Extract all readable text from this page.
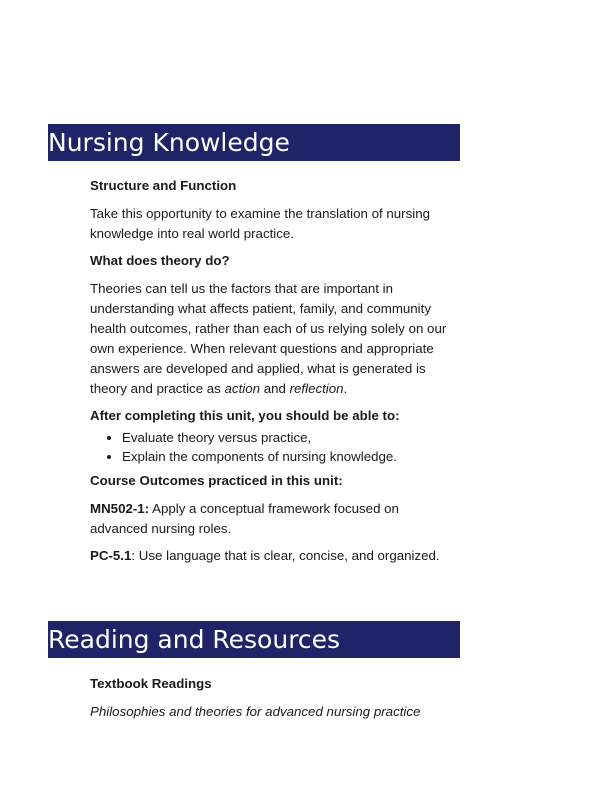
Nursing Knowledge
Structure and Function
Take this opportunity to examine the translation of nursing knowledge into real world practice.
What does theory do?
Theories can tell us the factors that are important in understanding what affects patient, family, and community health outcomes, rather than each of us relying solely on our own experience. When relevant questions and appropriate answers are developed and applied, what is generated is theory and practice as action and reflection.
After completing this unit, you should be able to:
• Evaluate theory versus practice,
• Explain the components of nursing knowledge.
Course Outcomes practiced in this unit:
MN502-1: Apply a conceptual framework focused on advanced nursing roles.
PC-5.1: Use language that is clear, concise, and organized.
Reading and Resources
Textbook Readings
Philosophies and theories for advanced nursing practice
